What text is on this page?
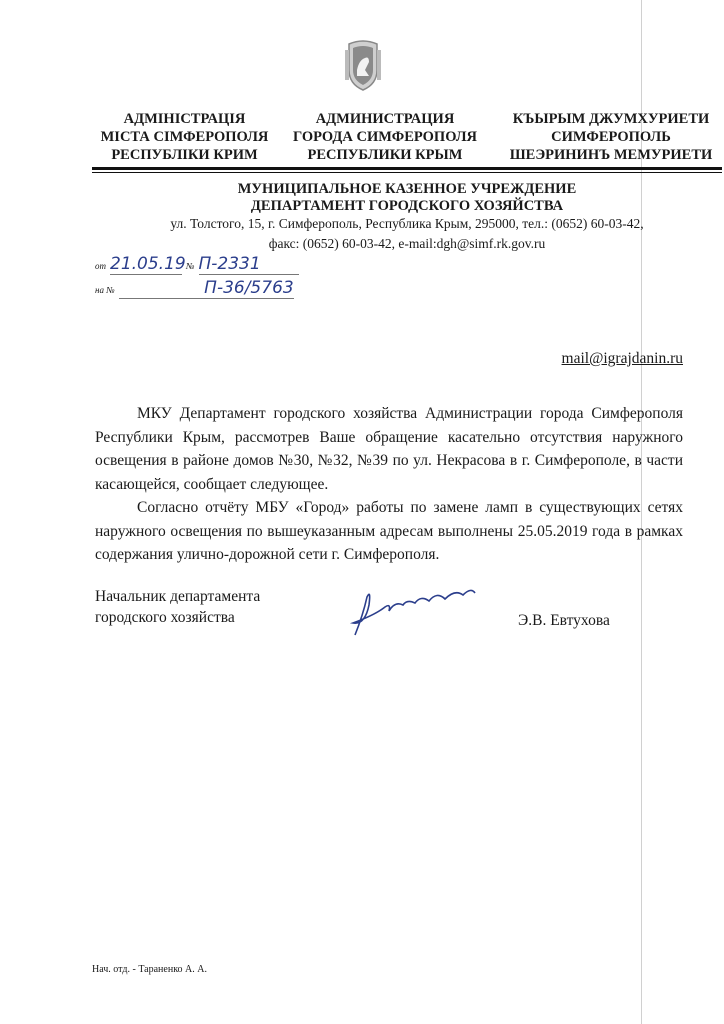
АДМІНІСТРАЦІЯ
МІСТА СІМФЕРОПОЛЯ
РЕСПУБЛІКИ КРИМ
АДМИНИСТРАЦИЯ
ГОРОДА СИМФЕРОПОЛЯ
РЕСПУБЛИКИ КРЫМ
КЪЫРЫМ ДЖУМХУРИЕТИ
СИМФЕРОПОЛЬ
ШЕЭРИНИНЪ МЕМУРИЕТИ
МУНИЦИПАЛЬНОЕ КАЗЕННОЕ УЧРЕЖДЕНИЕ
ДЕПАРТАМЕНТ ГОРОДСКОГО ХОЗЯЙСТВА
ул. Толстого, 15, г. Симферополь, Республика Крым, 295000, тел.: (0652) 60-03-42,
факс: (0652) 60-03-42, e-mail:dgh@simf.rk.gov.ru
от 21.05.19 № П-2331
на №	П-36/5763
mail@igrajdanin.ru

МКУ Департамент городского хозяйства Администрации города Симферополя Республики Крым, рассмотрев Ваше обращение касательно отсутствия наружного освещения в районе домов №30, №32, №39 по ул. Некрасова в г. Симферополе, в части касающейся, сообщает следующее.

Согласно отчёту МБУ «Город» работы по замене ламп в существующих сетях наружного освещения по вышеуказанным адресам выполнены 25.05.2019 года в рамках содержания улично-дорожной сети г. Симферополя.

Начальник департамента
городского хозяйства	Э.В. Евтухова
Нач. отд. - Тараненко А. А.
